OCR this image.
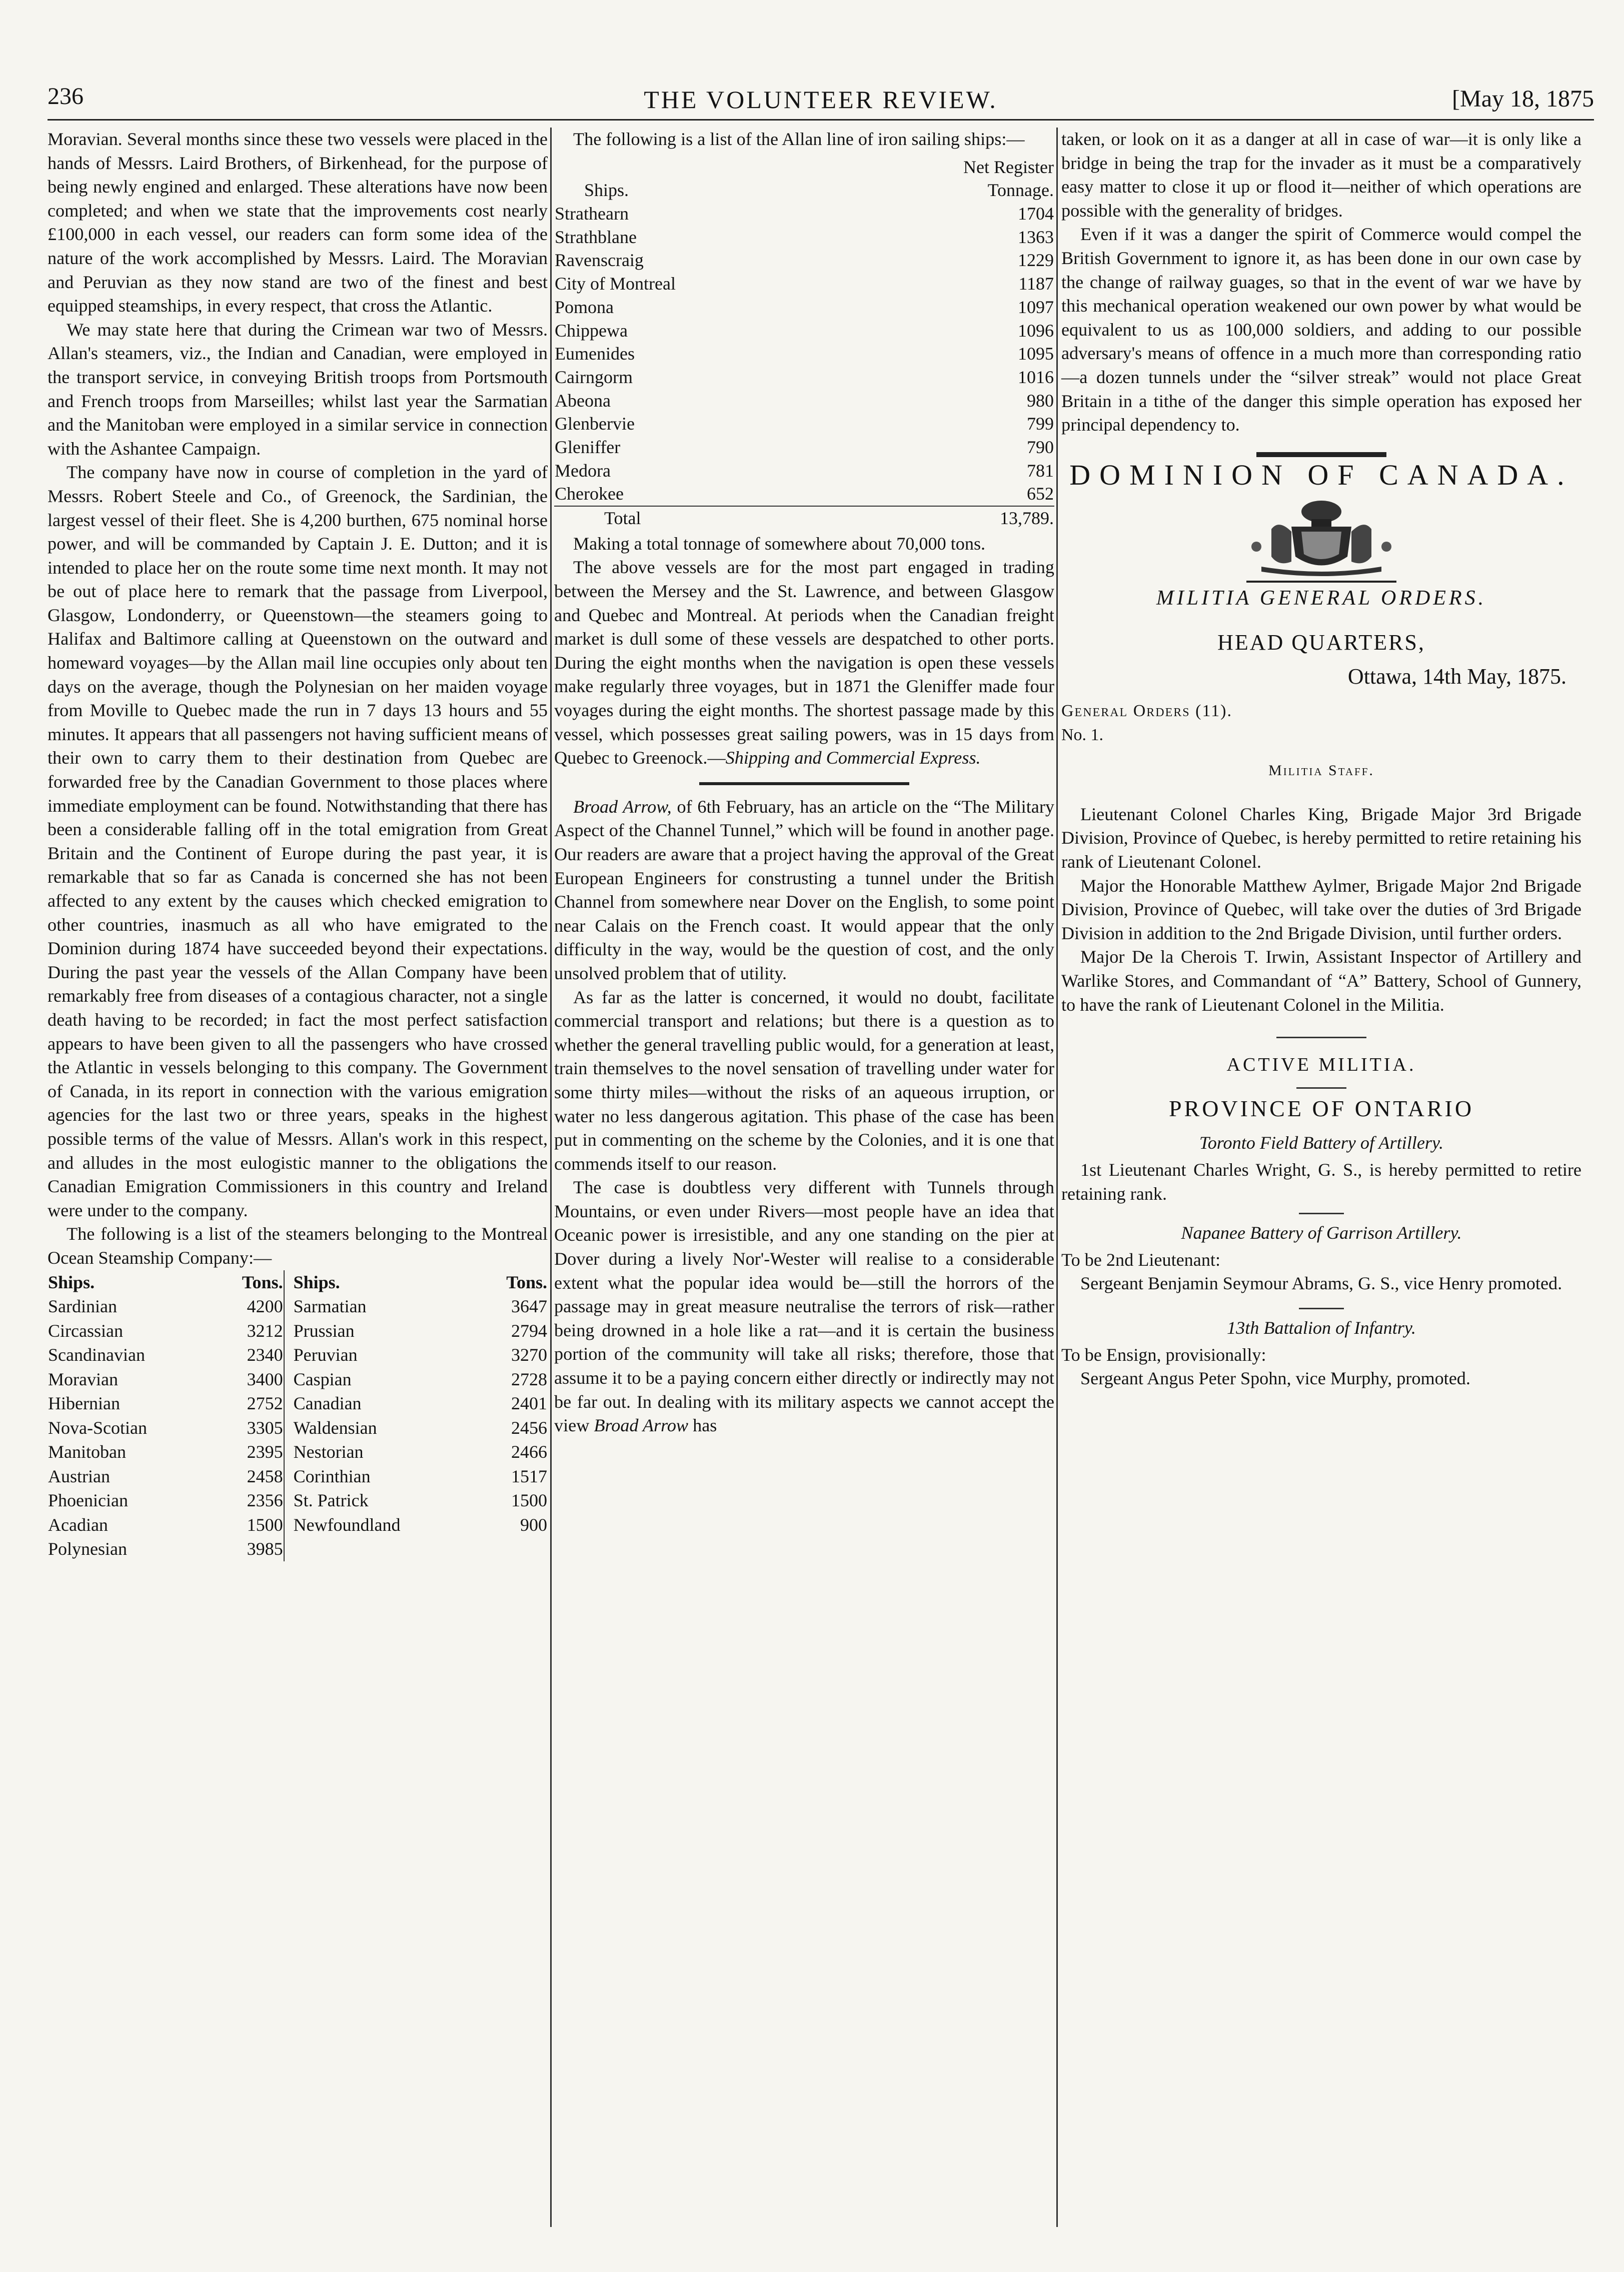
236	THE VOLUNTEER REVIEW.	[May 18, 1875

Moravian. Several months since these two vessels were placed in the hands of Messrs. Laird Brothers, of Birkenhead, for the purpose of being newly engined and enlarged. These alterations have now been completed; and when we state that the improvements cost nearly £100,000 in each vessel, our readers can form some idea of the nature of the work accomplished by Messrs. Laird. The Moravian and Peruvian as they now stand are two of the finest and best equipped steamships, in every respect, that cross the Atlantic.

We may state here that during the Crimean war two of Messrs. Allan's steamers, viz., the Indian and Canadian, were employed in the transport service, in conveying British troops from Portsmouth and French troops from Marseilles; whilst last year the Sarmatian and the Manitoban were employed in a similar service in connection with the Ashantee Campaign.

The company have now in course of completion in the yard of Messrs. Robert Steele and Co., of Greenock, the Sardinian, the largest vessel of their fleet. She is 4,200 burthen, 675 nominal horse power, and will be commanded by Captain J. E. Dutton; and it is intended to place her on the route some time next month. It may not be out of place here to remark that the passage from Liverpool, Glasgow, Londonderry, or Queenstown—the steamers going to Halifax and Baltimore calling at Queenstown on the outward and homeward voyages—by the Allan mail line occupies only about ten days on the average, though the Polynesian on her maiden voyage from Moville to Quebec made the run in 7 days 13 hours and 55 minutes. It appears that all passengers not having sufficient means of their own to carry them to their destination from Quebec are forwarded free by the Canadian Government to those places where immediate employment can be found. Notwithstanding that there has been a considerable falling off in the total emigration from Great Britain and the Continent of Europe during the past year, it is remarkable that so far as Canada is concerned she has not been affected to any extent by the causes which checked emigration to other countries, inasmuch as all who have emigrated to the Dominion during 1874 have succeeded beyond their expectations. During the past year the vessels of the Allan Company have been remarkably free from diseases of a contagious character, not a single death having to be recorded; in fact the most perfect satisfaction appears to have been given to all the passengers who have crossed the Atlantic in vessels belonging to this company. The Government of Canada, in its report in connection with the various emigration agencies for the last two or three years, speaks in the highest possible terms of the value of Messrs. Allan's work in this respect, and alludes in the most eulogistic manner to the obligations the Canadian Emigration Commissioners in this country and Ireland were under to the company.

The following is a list of the steamers belonging to the Montreal Ocean Steamship Company:—

Ships.	Tons.	Ships.	Tons.
Sardinian	4200	Sarmatian	3647
Circassian	3212	Prussian	2794
Scandinavian	2340	Peruvian	3270
Moravian	3400	Caspian	2728
Hibernian	2752	Canadian	2401
Nova-Scotian	3305	Waldensian	2456
Manitoban	2395	Nestorian	2466
Austrian	2458	Corinthian	1517
Phoenician	2356	St. Patrick	1500
Acadian	1500	Newfoundland	900
Polynesian	3985		

The following is a list of the Allan line of iron sailing ships:—

	Net Register
Ships.	Tonnage.
Strathearn	1704
Strathblane	1363
Ravenscraig	1229
City of Montreal	1187
Pomona	1097
Chippewa	1096
Eumenides	1095
Cairngorm	1016
Abeona	980
Glenbervie	799
Gleniffer	790
Medora	781
Cherokee	652
Total	13,789.

Making a total tonnage of somewhere about 70,000 tons.

The above vessels are for the most part engaged in trading between the Mersey and the St. Lawrence, and between Glasgow and Quebec and Montreal. At periods when the Canadian freight market is dull some of these vessels are despatched to other ports. During the eight months when the navigation is open these vessels make regularly three voyages, but in 1871 the Gleniffer made four voyages during the eight months. The shortest passage made by this vessel, which possesses great sailing powers, was in 15 days from Quebec to Greenock.—Shipping and Commercial Express.

Broad Arrow, of 6th February, has an article on the “The Military Aspect of the Channel Tunnel,” which will be found in another page. Our readers are aware that a project having the approval of the Great European Engineers for construsting a tunnel under the British Channel from somewhere near Dover on the English, to some point near Calais on the French coast. It would appear that the only difficulty in the way, would be the question of cost, and the only unsolved problem that of utility.

As far as the latter is concerned, it would no doubt, facilitate commercial transport and relations; but there is a question as to whether the general travelling public would, for a generation at least, train themselves to the novel sensation of travelling under water for some thirty miles—without the risks of an aqueous irruption, or water no less dangerous agitation. This phase of the case has been put in commenting on the scheme by the Colonies, and it is one that commends itself to our reason.

The case is doubtless very different with Tunnels through Mountains, or even under Rivers—most people have an idea that Oceanic power is irresistible, and any one standing on the pier at Dover during a lively Nor'-Wester will realise to a considerable extent what the popular idea would be—still the horrors of the passage may in great measure neutralise the terrors of risk—rather being drowned in a hole like a rat—and it is certain the business portion of the community will take all risks; therefore, those that assume it to be a paying concern either directly or indirectly may not be far out. In dealing with its military aspects we cannot accept the view Broad Arrow has

taken, or look on it as a danger at all in case of war—it is only like a bridge in being the trap for the invader as it must be a comparatively easy matter to close it up or flood it—neither of which operations are possible with the generality of bridges.

Even if it was a danger the spirit of Commerce would compel the British Government to ignore it, as has been done in our own case by the change of railway guages, so that in the event of war we have by this mechanical operation weakened our own power by what would be equivalent to us as 100,000 soldiers, and adding to our possible adversary's means of offence in a much more than corresponding ratio—a dozen tunnels under the “silver streak” would not place Great Britain in a tithe of the danger this simple operation has exposed her principal dependency to.

DOMINION OF CANADA.
MILITIA GENERAL ORDERS.
HEAD QUARTERS,
Ottawa, 14th May, 1875.
General Orders (11).
No. 1.
Militia Staff.

Lieutenant Colonel Charles King, Brigade Major 3rd Brigade Division, Province of Quebec, is hereby permitted to retire retaining his rank of Lieutenant Colonel.

Major the Honorable Matthew Aylmer, Brigade Major 2nd Brigade Division, Province of Quebec, will take over the duties of 3rd Brigade Division in addition to the 2nd Brigade Division, until further orders.

Major De la Cherois T. Irwin, Assistant Inspector of Artillery and Warlike Stores, and Commandant of “A” Battery, School of Gunnery, to have the rank of Lieutenant Colonel in the Militia.

ACTIVE MILITIA.
PROVINCE OF ONTARIO
Toronto Field Battery of Artillery.

1st Lieutenant Charles Wright, G. S., is hereby permitted to retire retaining rank.

Napanee Battery of Garrison Artillery.

To be 2nd Lieutenant:

Sergeant Benjamin Seymour Abrams, G. S., vice Henry promoted.

13th Battalion of Infantry.

To be Ensign, provisionally:

Sergeant Angus Peter Spohn, vice Murphy, promoted.
